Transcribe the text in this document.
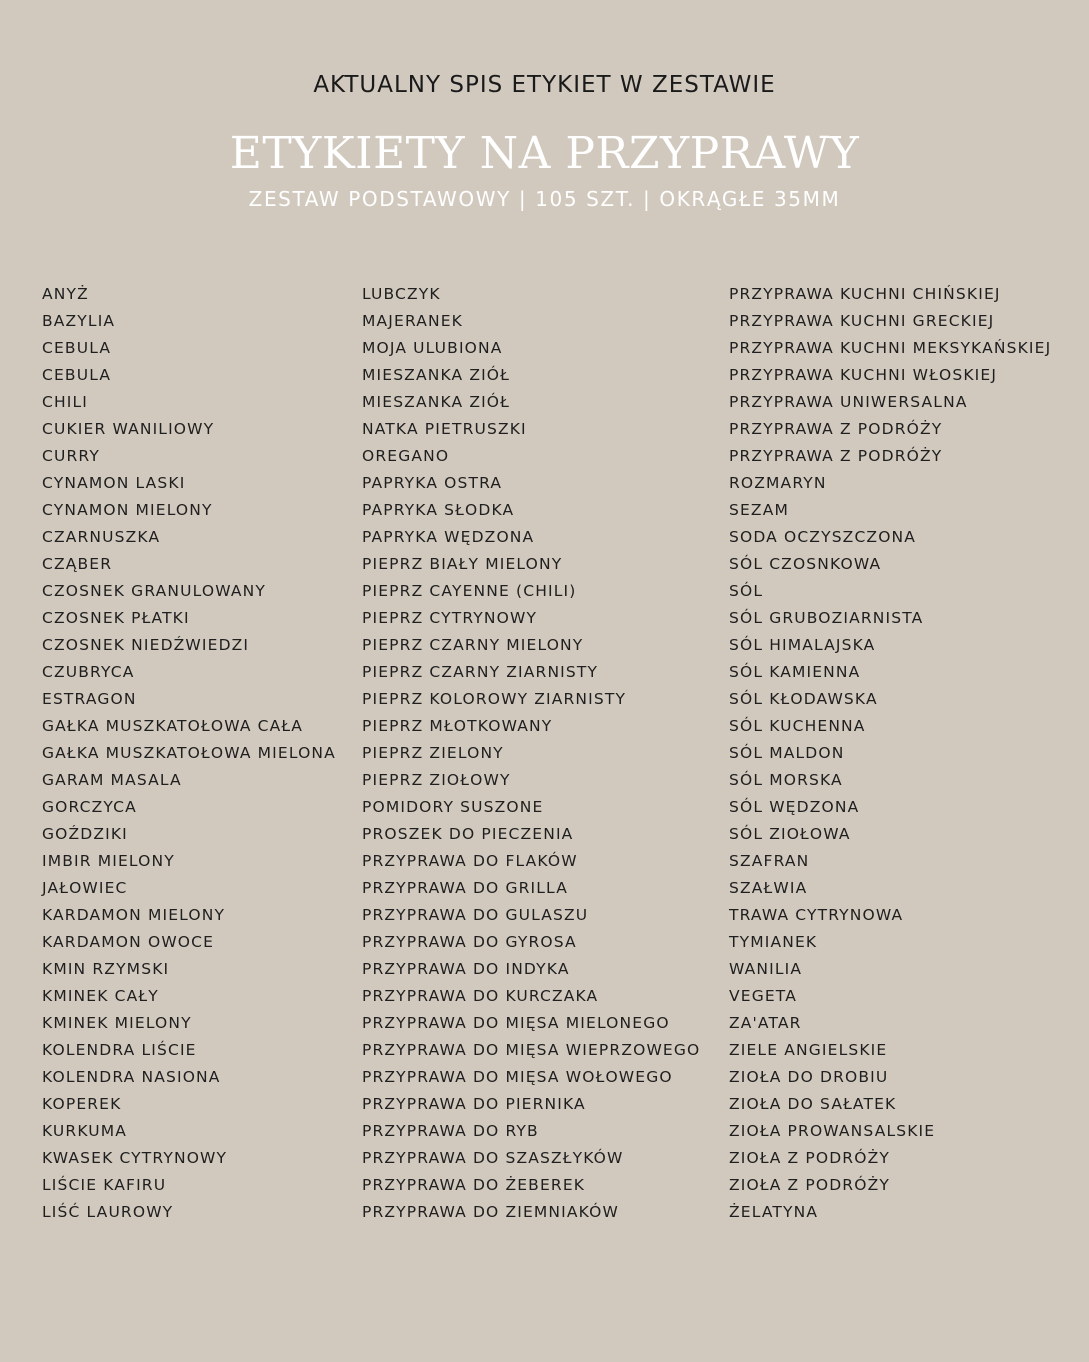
AKTUALNY SPIS ETYKIET W ZESTAWIE
ETYKIETY NA PRZYPRAWY
ZESTAW PODSTAWOWY | 105 SZT. | OKRĄGŁE 35MM
ANYŻ
BAZYLIA
CEBULA
CEBULA
CHILI
CUKIER WANILIOWY
CURRY
CYNAMON LASKI
CYNAMON MIELONY
CZARNUSZKA
CZĄBER
CZOSNEK GRANULOWANY
CZOSNEK PŁATKI
CZOSNEK NIEDŹWIEDZI
CZUBRYCA
ESTRAGON
GAŁKA MUSZKATOŁOWA CAŁA
GAŁKA MUSZKATOŁOWA MIELONA
GARAM MASALA
GORCZYCA
GOŹDZIKI
IMBIR MIELONY
JAŁOWIEC
KARDAMON MIELONY
KARDAMON OWOCE
KMIN RZYMSKI
KMINEK CAŁY
KMINEK MIELONY
KOLENDRA LIŚCIE
KOLENDRA NASIONA
KOPEREK
KURKUMA
KWASEK CYTRYNOWY
LIŚCIE KAFIRU
LIŚĆ LAUROWY
LUBCZYK
MAJERANEK
MOJA ULUBIONA
MIESZANKA ZIÓŁ
MIESZANKA ZIÓŁ
NATKA PIETRUSZKI
OREGANO
PAPRYKA OSTRA
PAPRYKA SŁODKA
PAPRYKA WĘDZONA
PIEPRZ BIAŁY MIELONY
PIEPRZ CAYENNE (CHILI)
PIEPRZ CYTRYNOWY
PIEPRZ CZARNY MIELONY
PIEPRZ CZARNY ZIARNISTY
PIEPRZ KOLOROWY ZIARNISTY
PIEPRZ MŁOTKOWANY
PIEPRZ ZIELONY
PIEPRZ ZIOŁOWY
POMIDORY SUSZONE
PROSZEK DO PIECZENIA
PRZYPRAWA DO FLAKÓW
PRZYPRAWA DO GRILLA
PRZYPRAWA DO GULASZU
PRZYPRAWA DO GYROSA
PRZYPRAWA DO INDYKA
PRZYPRAWA DO KURCZAKA
PRZYPRAWA DO MIĘSA MIELONEGO
PRZYPRAWA DO MIĘSA WIEPRZOWEGO
PRZYPRAWA DO MIĘSA WOŁOWEGO
PRZYPRAWA DO PIERNIKA
PRZYPRAWA DO RYB
PRZYPRAWA DO SZASZŁYKÓW
PRZYPRAWA DO ŻEBEREK
PRZYPRAWA DO ZIEMNIAKÓW
PRZYPRAWA KUCHNI CHIŃSKIEJ
PRZYPRAWA KUCHNI GRECKIEJ
PRZYPRAWA KUCHNI MEKSYKAŃSKIEJ
PRZYPRAWA KUCHNI WŁOSKIEJ
PRZYPRAWA UNIWERSALNA
PRZYPRAWA Z PODRÓŻY
PRZYPRAWA Z PODRÓŻY
ROZMARYN
SEZAM
SODA OCZYSZCZONA
SÓL CZOSNKOWA
SÓL
SÓL GRUBOZIARNISTA
SÓL HIMALAJSKA
SÓL KAMIENNA
SÓL KŁODAWSKA
SÓL KUCHENNA
SÓL MALDON
SÓL MORSKA
SÓL WĘDZONA
SÓL ZIOŁOWA
SZAFRAN
SZAŁWIA
TRAWA CYTRYNOWA
TYMIANEK
WANILIA
VEGETA
ZA'ATAR
ZIELE ANGIELSKIE
ZIOŁA DO DROBIU
ZIOŁA DO SAŁATEK
ZIOŁA PROWANSALSKIE
ZIOŁA Z PODRÓŻY
ZIOŁA Z PODRÓŻY
ŻELATYNA
